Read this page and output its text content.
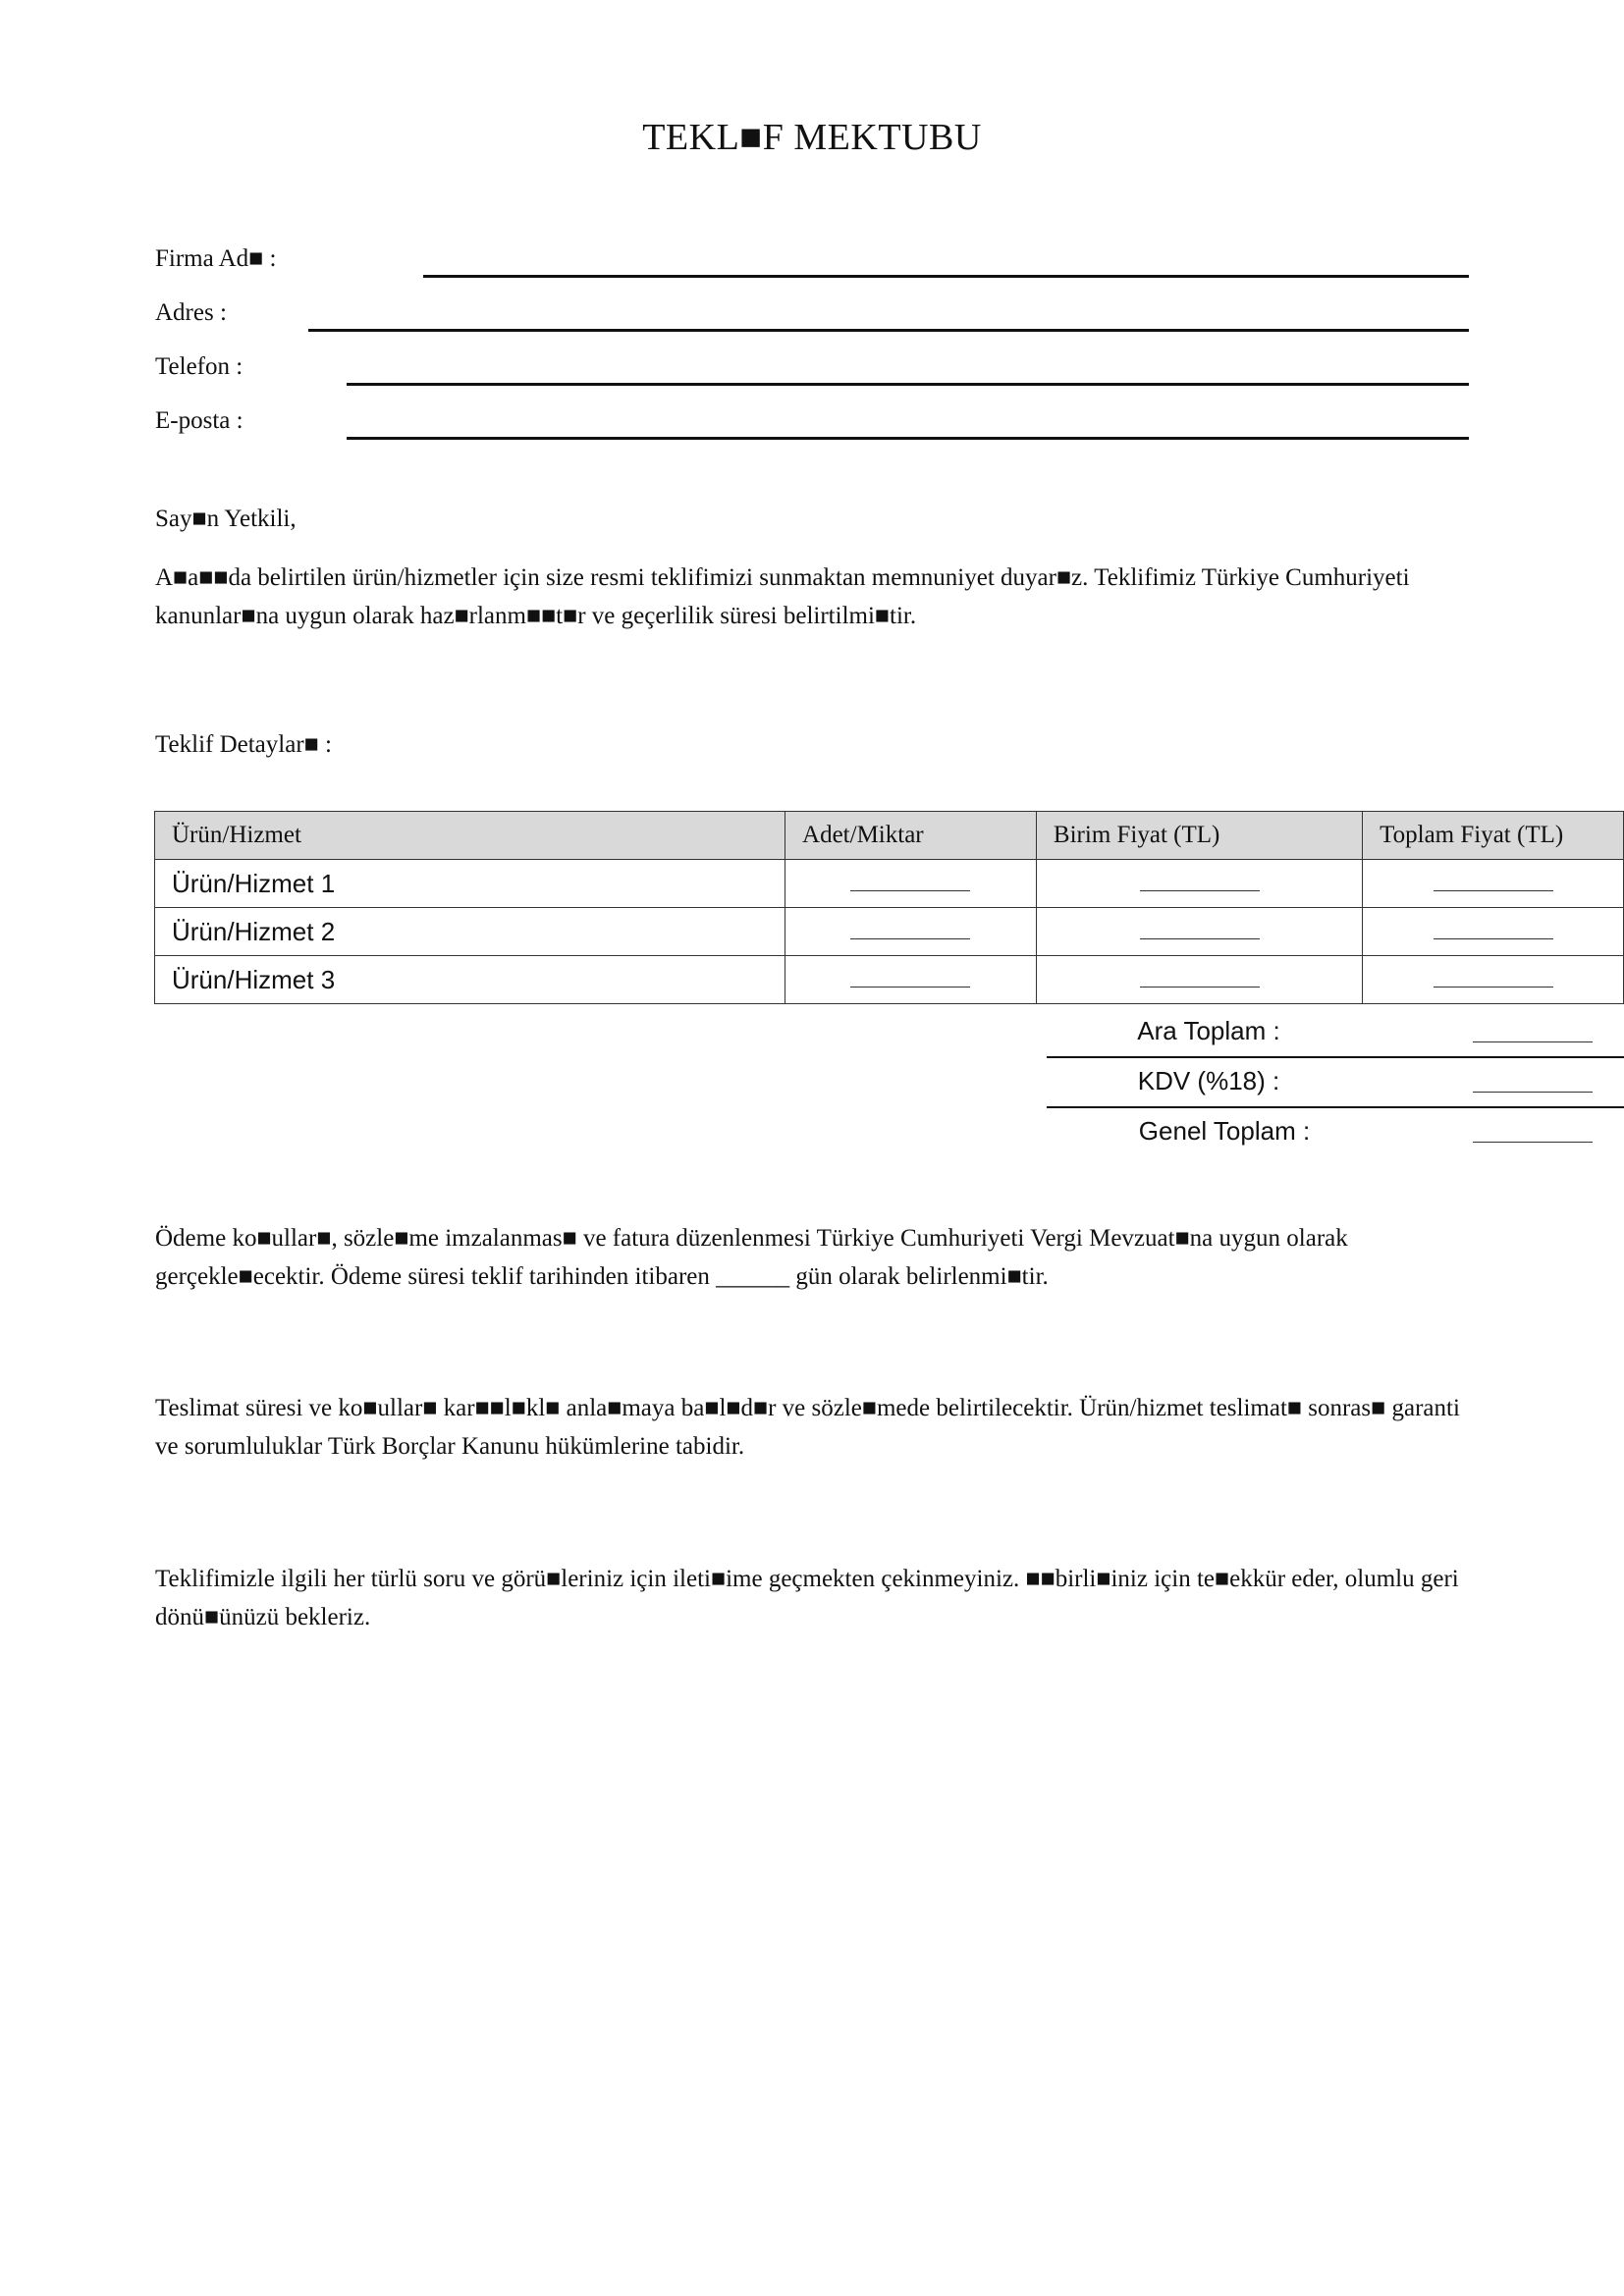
TEKL■F MEKTUBU
Firma Ad■ :
Adres :
Telefon :
E-posta :
Say■n Yetkili,

A■a■■da belirtilen ürün/hizmetler için size resmi teklifimizi sunmaktan memnuniyet duyar■z. Teklifimiz Türkiye Cumhuriyeti kanunlar■na uygun olarak haz■rlanm■■t■r ve geçerlilik süresi belirtilmi■tir.

Teklif Detaylar■ :
Ürün/Hizmet	Adet/Miktar	Birim Fiyat (TL)	Toplam Fiyat (TL)
Ürün/Hizmet 1			
Ürün/Hizmet 2			
Ürün/Hizmet 3			
Ara Toplam :
KDV (%18) :
Genel Toplam :

Ödeme ko■ullar■, sözle■me imzalanmas■ ve fatura düzenlenmesi Türkiye Cumhuriyeti Vergi Mevzuat■na uygun olarak gerçekle■ecektir. Ödeme süresi teklif tarihinden itibaren ______ gün olarak belirlenmi■tir.

Teslimat süresi ve ko■ullar■ kar■■l■kl■ anla■maya ba■l■d■r ve sözle■mede belirtilecektir. Ürün/hizmet teslimat■ sonras■ garanti ve sorumluluklar Türk Borçlar Kanunu hükümlerine tabidir.

Teklifimizle ilgili her türlü soru ve görü■leriniz için ileti■ime geçmekten çekinmeyiniz. ■■birli■iniz için te■ekkür eder, olumlu geri dönü■ünüzü bekleriz.
